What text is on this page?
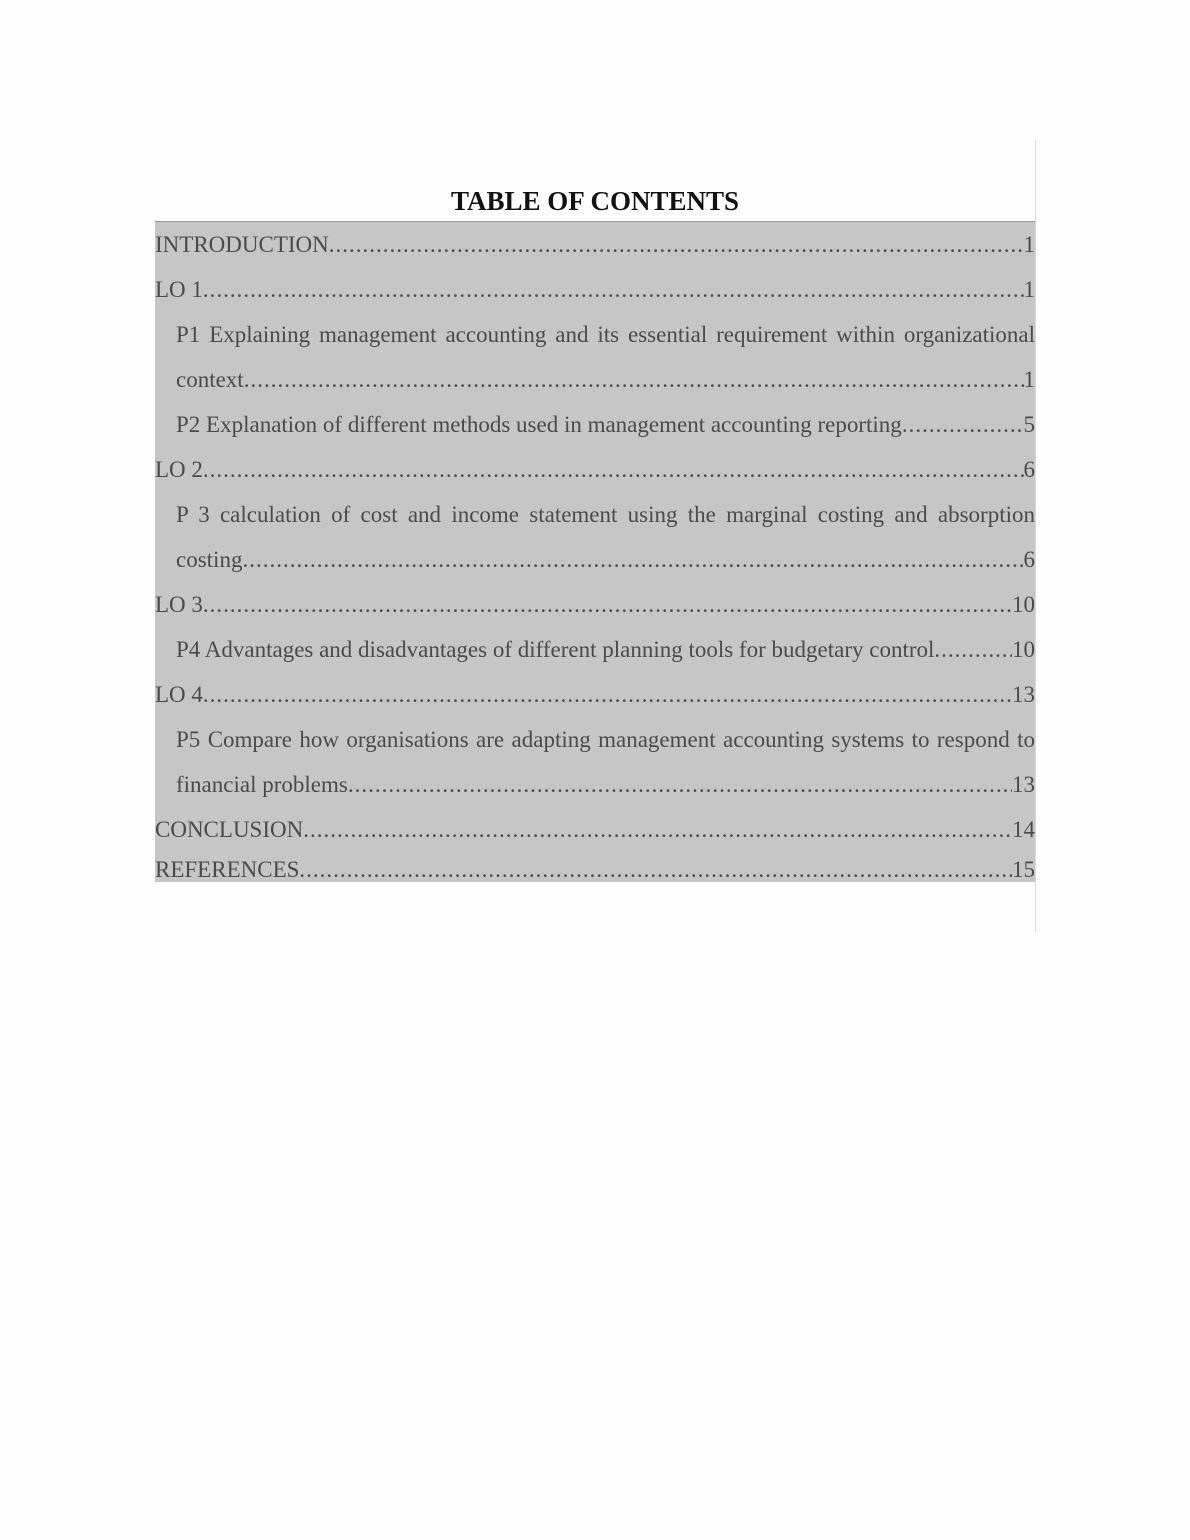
TABLE OF CONTENTS
INTRODUCTION .....	1
LO 1 .....	1
P1 Explaining management accounting and its essential requirement within organizational
context .....	1
P2 Explanation of different methods used in management accounting reporting .....	5
LO 2 .....	6
P 3 calculation of cost and income statement using the marginal costing and absorption
costing .....	6
LO 3 .....	10
P4 Advantages and disadvantages of different planning tools for budgetary control .....	10
LO 4 .....	13
P5 Compare how organisations are adapting management accounting systems to respond to
financial problems .....	13
CONCLUSION .....	14
REFERENCES .....	15
